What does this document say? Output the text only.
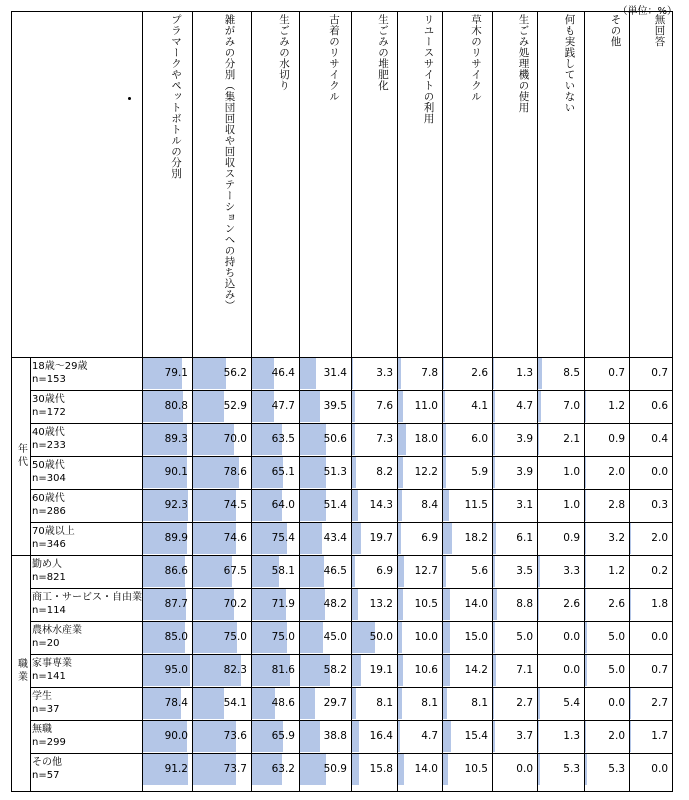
（単位：%）
プラマークやペットボトルの分別	雑がみの分別（集団回収や回収ステーションへの持ち込み）	生ごみの水切り	古着のリサイクル	生ごみの堆肥化	リユースサイトの利用	草木のリサイクル	生ごみ処理機の使用	何も実践していない	その他	無回答
年代
職業
18歳～29歳
n=153
79.1	56.2	46.4	31.4	3.3	7.8	2.6	1.3	8.5	0.7	0.7
30歳代
n=172
80.8	52.9	47.7	39.5	7.6	11.0	4.1	4.7	7.0	1.2	0.6
40歳代
n=233
89.3	70.0	63.5	50.6	7.3	18.0	6.0	3.9	2.1	0.9	0.4
50歳代
n=304
90.1	78.6	65.1	51.3	8.2	12.2	5.9	3.9	1.0	2.0	0.0
60歳代
n=286
92.3	74.5	64.0	51.4	14.3	8.4	11.5	3.1	1.0	2.8	0.3
70歳以上
n=346
89.9	74.6	75.4	43.4	19.7	6.9	18.2	6.1	0.9	3.2	2.0
勤め人
n=821
86.6	67.5	58.1	46.5	6.9	12.7	5.6	3.5	3.3	1.2	0.2
商工・サービス・自由業
n=114
87.7	70.2	71.9	48.2	13.2	10.5	14.0	8.8	2.6	2.6	1.8
農林水産業
n=20
85.0	75.0	75.0	45.0	50.0	10.0	15.0	5.0	0.0	5.0	0.0
家事専業
n=141
95.0	82.3	81.6	58.2	19.1	10.6	14.2	7.1	0.0	5.0	0.7
学生
n=37
78.4	54.1	48.6	29.7	8.1	8.1	8.1	2.7	5.4	0.0	2.7
無職
n=299
90.0	73.6	65.9	38.8	16.4	4.7	15.4	3.7	1.3	2.0	1.7
その他
n=57
91.2	73.7	63.2	50.9	15.8	14.0	10.5	0.0	5.3	5.3	0.0
